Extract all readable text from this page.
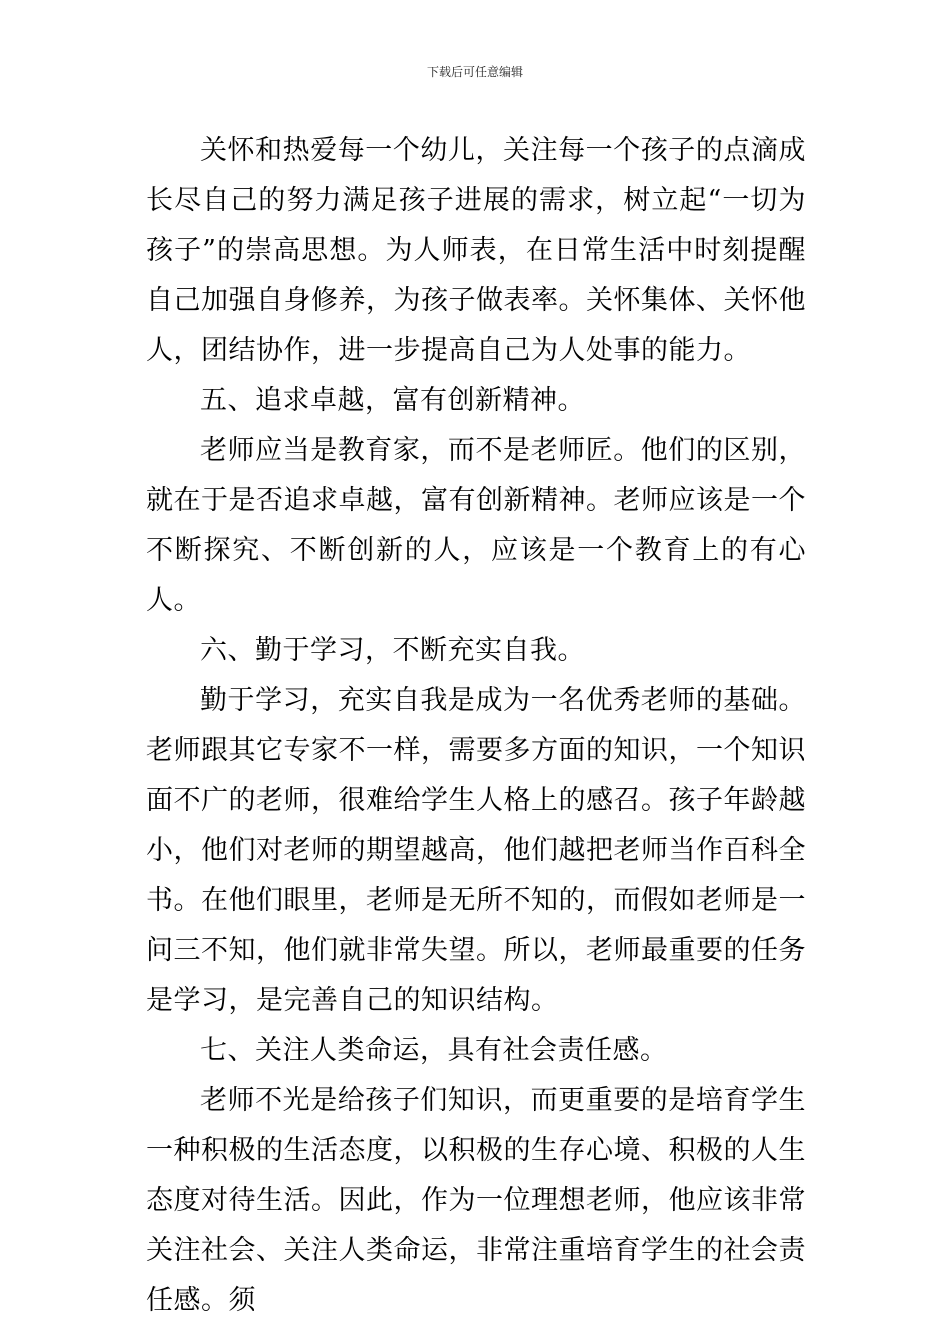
下载后可任意编辑

关怀和热爱每一个幼儿，关注每一个孩子的点滴成长尽自己的努力满足孩子进展的需求，树立起“一切为孩子”的崇高思想。为人师表，在日常生活中时刻提醒自己加强自身修养，为孩子做表率。关怀集体、关怀他人，团结协作，进一步提高自己为人处事的能力。

五、追求卓越，富有创新精神。

老师应当是教育家，而不是老师匠。他们的区别，就在于是否追求卓越，富有创新精神。老师应该是一个不断探究、不断创新的人，应该是一个教育上的有心人。

六、勤于学习，不断充实自我。

勤于学习，充实自我是成为一名优秀老师的基础。老师跟其它专家不一样，需要多方面的知识，一个知识面不广的老师，很难给学生人格上的感召。孩子年龄越小，他们对老师的期望越高，他们越把老师当作百科全书。在他们眼里，老师是无所不知的，而假如老师是一问三不知，他们就非常失望。所以，老师最重要的任务是学习，是完善自己的知识结构。

七、关注人类命运，具有社会责任感。

老师不光是给孩子们知识，而更重要的是培育学生一种积极的生活态度，以积极的生存心境、积极的人生态度对待生活。因此，作为一位理想老师，他应该非常关注社会、关注人类命运，非常注重培育学生的社会责任感。须
